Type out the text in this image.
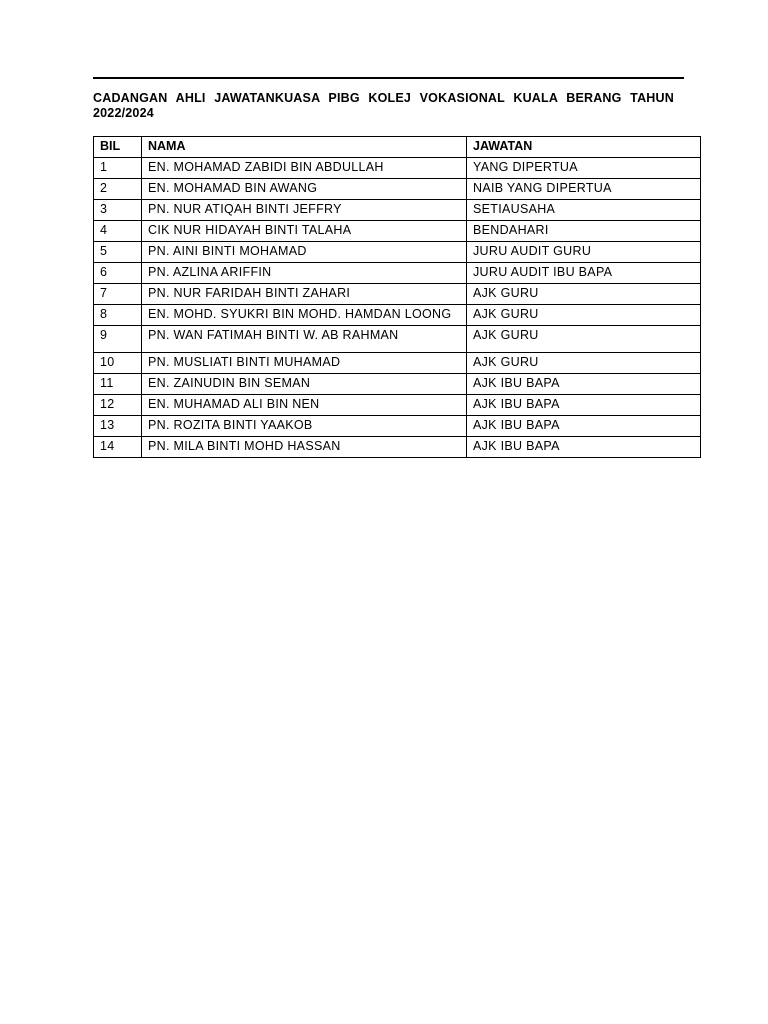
CADANGAN AHLI JAWATANKUASA PIBG KOLEJ VOKASIONAL KUALA BERANG TAHUN 2022/2024
BIL	NAMA	JAWATAN
1	EN. MOHAMAD ZABIDI BIN ABDULLAH	YANG DIPERTUA
2	EN. MOHAMAD BIN AWANG	NAIB YANG DIPERTUA
3	PN. NUR ATIQAH BINTI JEFFRY	SETIAUSAHA
4	CIK NUR HIDAYAH BINTI TALAHA	BENDAHARI
5	PN. AINI BINTI MOHAMAD	JURU AUDIT GURU
6	PN. AZLINA ARIFFIN	JURU AUDIT IBU BAPA
7	PN. NUR FARIDAH BINTI ZAHARI	AJK GURU
8	EN. MOHD. SYUKRI BIN MOHD. HAMDAN LOONG	AJK GURU
9	PN. WAN FATIMAH BINTI W. AB RAHMAN	AJK GURU
10	PN. MUSLIATI BINTI MUHAMAD	AJK GURU
11	EN. ZAINUDIN BIN SEMAN	AJK IBU BAPA
12	EN. MUHAMAD ALI BIN NEN	AJK IBU BAPA
13	PN. ROZITA BINTI YAAKOB	AJK IBU BAPA
14	PN. MILA BINTI MOHD HASSAN	AJK IBU BAPA
